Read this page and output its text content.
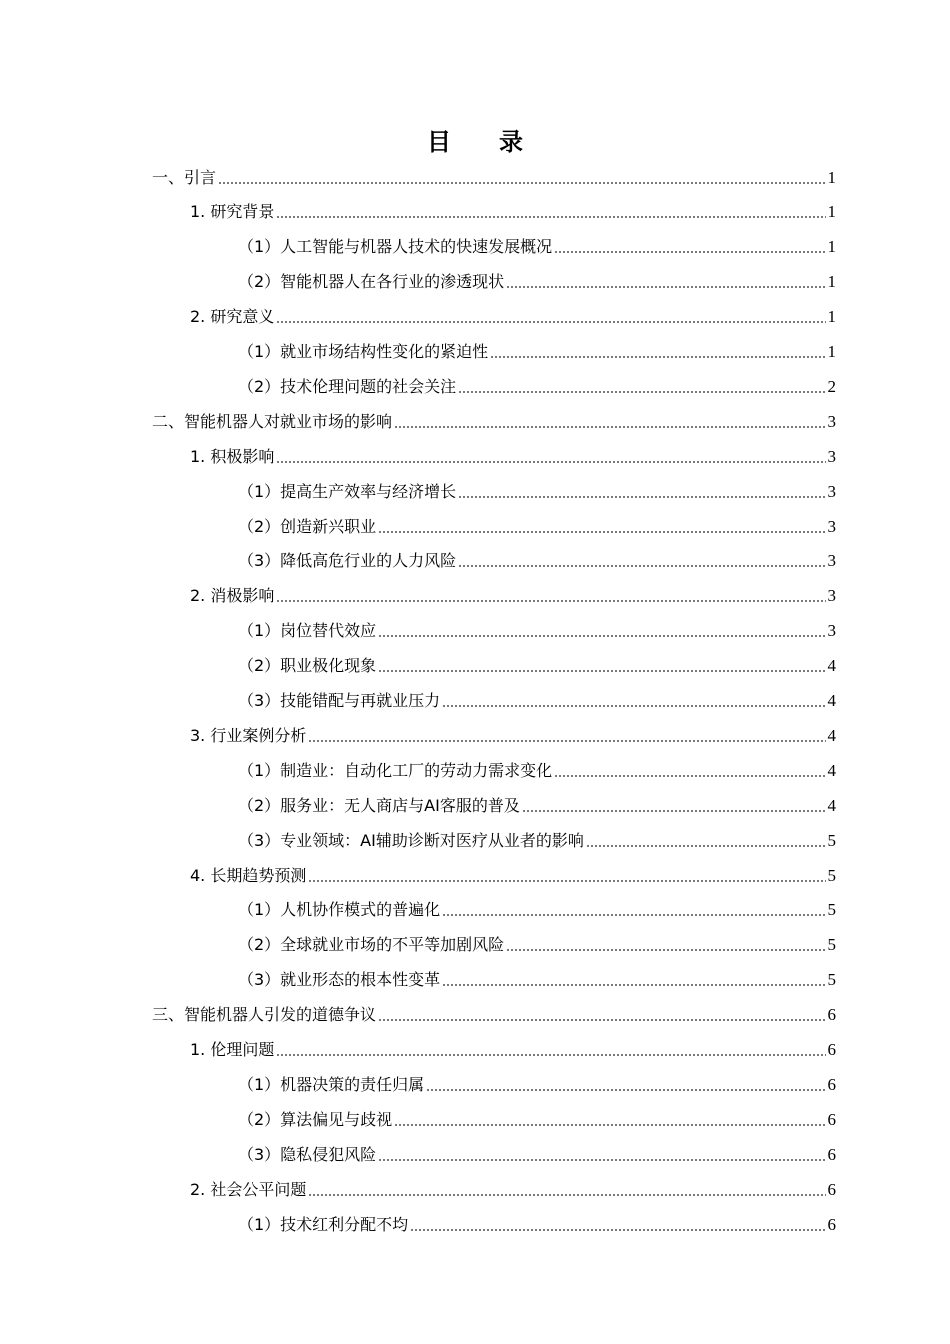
目 录
一、引言	1
1. 研究背景	1
（1）人工智能与机器人技术的快速发展概况	1
（2）智能机器人在各行业的渗透现状	1
2. 研究意义	1
（1）就业市场结构性变化的紧迫性	1
（2）技术伦理问题的社会关注	2
二、智能机器人对就业市场的影响	3
1. 积极影响	3
（1）提高生产效率与经济增长	3
（2）创造新兴职业	3
（3）降低高危行业的人力风险	3
2. 消极影响	3
（1）岗位替代效应	3
（2）职业极化现象	4
（3）技能错配与再就业压力	4
3. 行业案例分析	4
（1）制造业：自动化工厂的劳动力需求变化	4
（2）服务业：无人商店与AI客服的普及	4
（3）专业领域：AI辅助诊断对医疗从业者的影响	5
4. 长期趋势预测	5
（1）人机协作模式的普遍化	5
（2）全球就业市场的不平等加剧风险	5
（3）就业形态的根本性变革	5
三、智能机器人引发的道德争议	6
1. 伦理问题	6
（1）机器决策的责任归属	6
（2）算法偏见与歧视	6
（3）隐私侵犯风险	6
2. 社会公平问题	6
（1）技术红利分配不均	6
